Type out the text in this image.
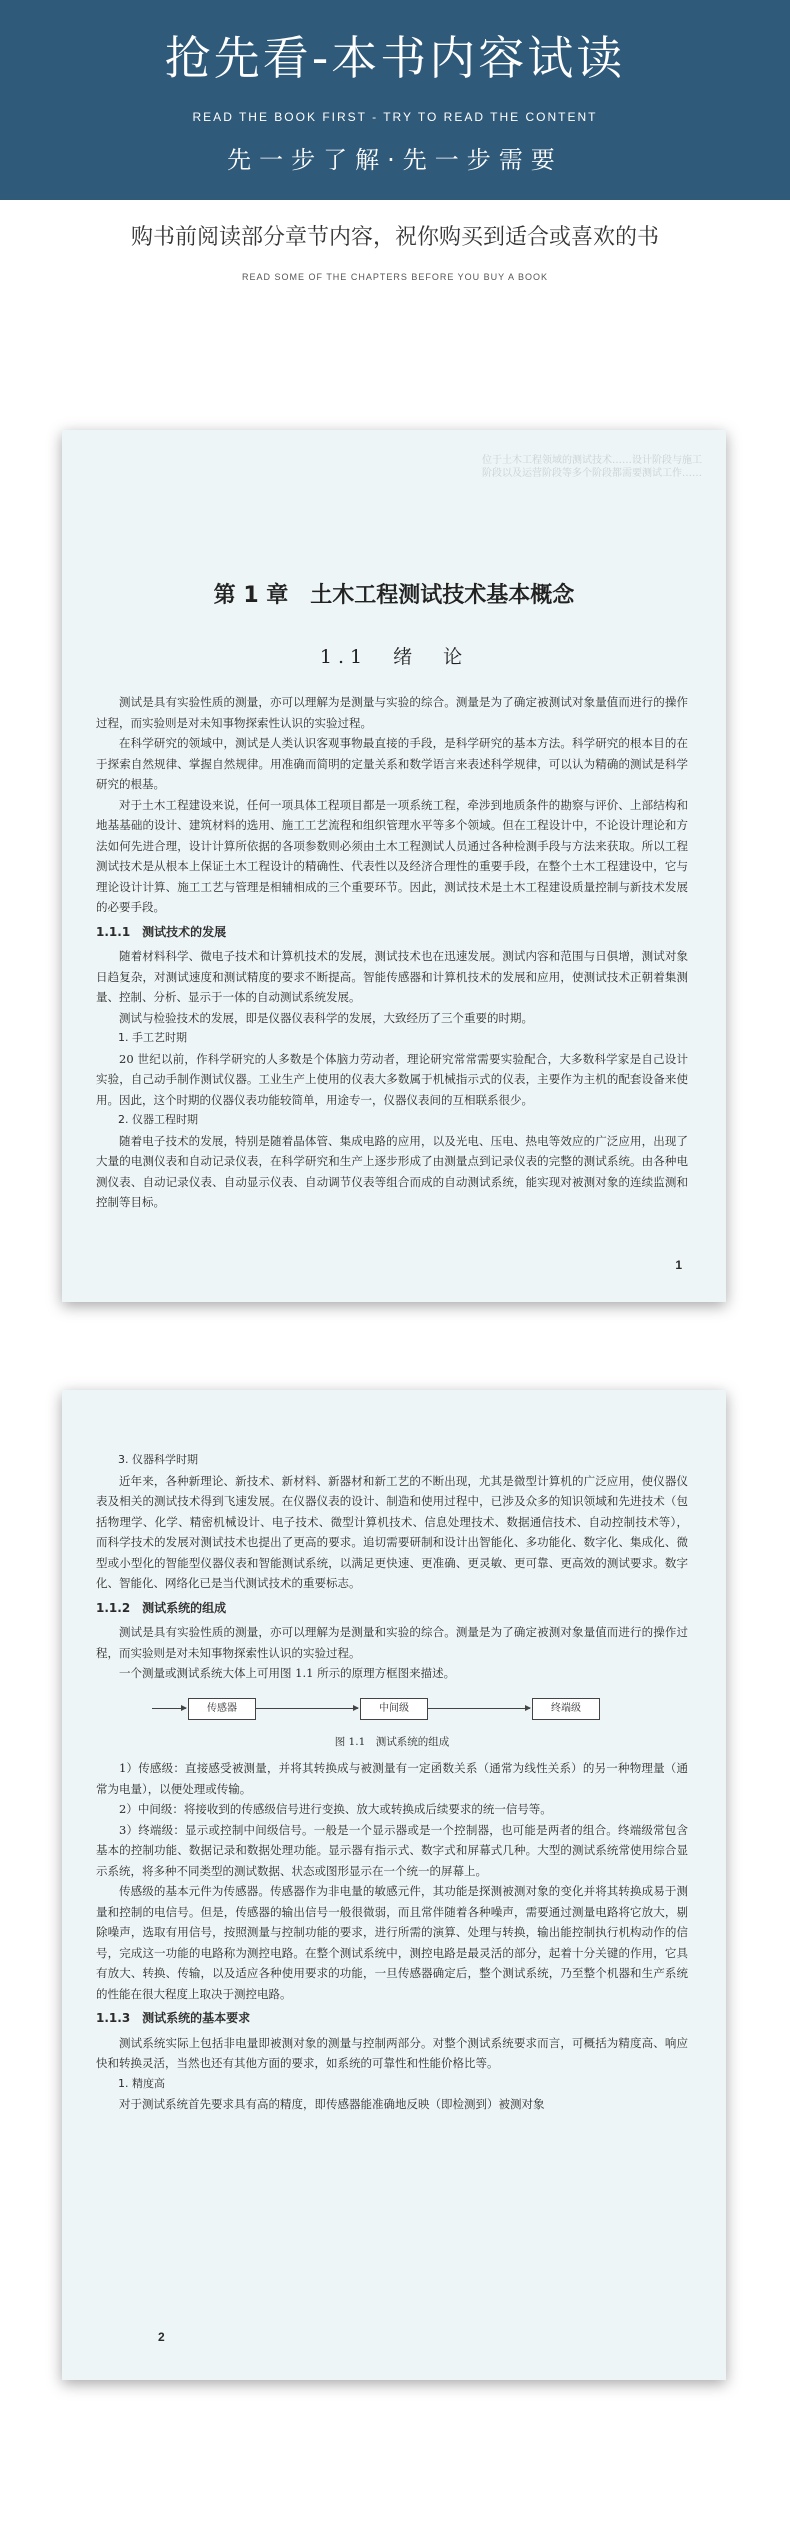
抢先看-本书内容试读
READ THE BOOK FIRST - TRY TO READ THE CONTENT
先一步了解·先一步需要
购书前阅读部分章节内容，祝你购买到适合或喜欢的书
READ SOME OF THE CHAPTERS BEFORE YOU BUY A BOOK
位于土木工程领域的测试技术……设计阶段与施工阶段以及运营阶段等多个阶段都需要测试工作……
第 1 章　土木工程测试技术基本概念
1.1　绪　论

测试是具有实验性质的测量，亦可以理解为是测量与实验的综合。测量是为了确定被测试对象量值而进行的操作过程，而实验则是对未知事物探索性认识的实验过程。

在科学研究的领域中，测试是人类认识客观事物最直接的手段，是科学研究的基本方法。科学研究的根本目的在于探索自然规律、掌握自然规律。用准确而简明的定量关系和数学语言来表述科学规律，可以认为精确的测试是科学研究的根基。

对于土木工程建设来说，任何一项具体工程项目都是一项系统工程，牵涉到地质条件的勘察与评价、上部结构和地基基础的设计、建筑材料的选用、施工工艺流程和组织管理水平等多个领域。但在工程设计中，不论设计理论和方法如何先进合理，设计计算所依据的各项参数则必须由土木工程测试人员通过各种检测手段与方法来获取。所以工程测试技术是从根本上保证土木工程设计的精确性、代表性以及经济合理性的重要手段，在整个土木工程建设中，它与理论设计计算、施工工艺与管理是相辅相成的三个重要环节。因此，测试技术是土木工程建设质量控制与新技术发展的必要手段。

1.1.1　测试技术的发展

随着材料科学、微电子技术和计算机技术的发展，测试技术也在迅速发展。测试内容和范围与日俱增，测试对象日趋复杂，对测试速度和测试精度的要求不断提高。智能传感器和计算机技术的发展和应用，使测试技术正朝着集测量、控制、分析、显示于一体的自动测试系统发展。

测试与检验技术的发展，即是仪器仪表科学的发展，大致经历了三个重要的时期。

1. 手工艺时期

20 世纪以前，作科学研究的人多数是个体脑力劳动者，理论研究常常需要实验配合，大多数科学家是自己设计实验，自己动手制作测试仪器。工业生产上使用的仪表大多数属于机械指示式的仪表，主要作为主机的配套设备来使用。因此，这个时期的仪器仪表功能较简单，用途专一，仪器仪表间的互相联系很少。

2. 仪器工程时期

随着电子技术的发展，特别是随着晶体管、集成电路的应用，以及光电、压电、热电等效应的广泛应用，出现了大量的电测仪表和自动记录仪表，在科学研究和生产上逐步形成了由测量点到记录仪表的完整的测试系统。由各种电测仪表、自动记录仪表、自动显示仪表、自动调节仪表等组合而成的自动测试系统，能实现对被测对象的连续监测和控制等目标。

1
3. 仪器科学时期

近年来，各种新理论、新技术、新材料、新器材和新工艺的不断出现，尤其是微型计算机的广泛应用，使仪器仪表及相关的测试技术得到飞速发展。在仪器仪表的设计、制造和使用过程中，已涉及众多的知识领域和先进技术（包括物理学、化学、精密机械设计、电子技术、微型计算机技术、信息处理技术、数据通信技术、自动控制技术等），而科学技术的发展对测试技术也提出了更高的要求。追切需要研制和设计出智能化、多功能化、数字化、集成化、微型或小型化的智能型仪器仪表和智能测试系统，以满足更快速、更准确、更灵敏、更可靠、更高效的测试要求。数字化、智能化、网络化已是当代测试技术的重要标志。

1.1.2　测试系统的组成

测试是具有实验性质的测量，亦可以理解为是测量和实验的综合。测量是为了确定被测对象量值而进行的操作过程，而实验则是对未知事物探索性认识的实验过程。

一个测量或测试系统大体上可用图 1.1 所示的原理方框图来描述。

传感器	中间级	终端级
图 1.1　测试系统的组成

1）传感级：直接感受被测量，并将其转换成与被测量有一定函数关系（通常为线性关系）的另一种物理量（通常为电量），以便处理或传输。

2）中间级：将接收到的传感级信号进行变换、放大或转换成后续要求的统一信号等。

3）终端级：显示或控制中间级信号。一般是一个显示器或是一个控制器，也可能是两者的组合。终端级常包含基本的控制功能、数据记录和数据处理功能。显示器有指示式、数字式和屏幕式几种。大型的测试系统常使用综合显示系统，将多种不同类型的测试数据、状态或图形显示在一个统一的屏幕上。

传感级的基本元件为传感器。传感器作为非电量的敏感元件，其功能是探测被测对象的变化并将其转换成易于测量和控制的电信号。但是，传感器的输出信号一般很微弱，而且常伴随着各种噪声，需要通过测量电路将它放大，剔除噪声，选取有用信号，按照测量与控制功能的要求，进行所需的演算、处理与转换，输出能控制执行机构动作的信号，完成这一功能的电路称为测控电路。在整个测试系统中，测控电路是最灵活的部分，起着十分关键的作用，它具有放大、转换、传输，以及适应各种使用要求的功能，一旦传感器确定后，整个测试系统，乃至整个机器和生产系统的性能在很大程度上取决于测控电路。

1.1.3　测试系统的基本要求

测试系统实际上包括非电量即被测对象的测量与控制两部分。对整个测试系统要求而言，可概括为精度高、响应快和转换灵活，当然也还有其他方面的要求，如系统的可靠性和性能价格比等。

1. 精度高

对于测试系统首先要求具有高的精度，即传感器能准确地反映（即检测到）被测对象

2
